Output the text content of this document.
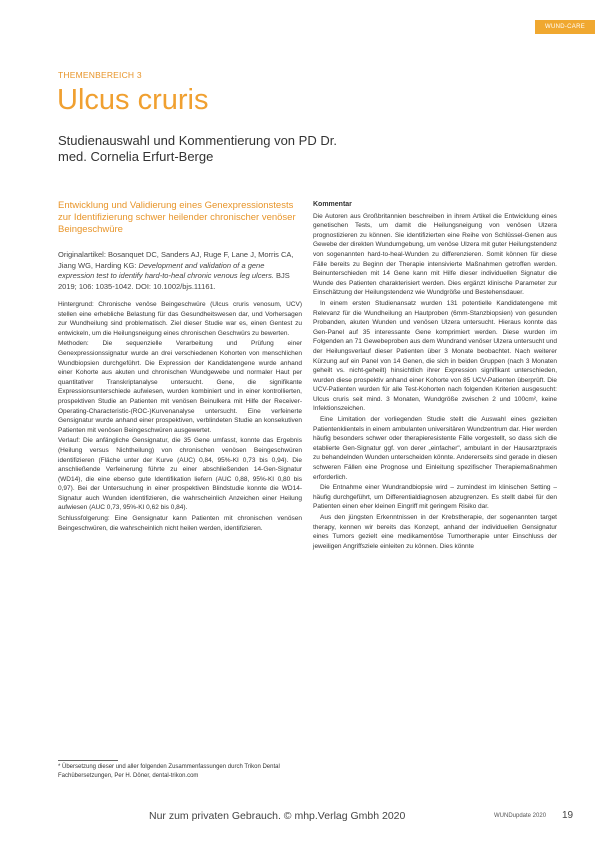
WUND-CARE
THEMENBEREICH 3
Ulcus cruris
Studienauswahl und Kommentierung von PD Dr. med. Cornelia Erfurt-Berge
Entwicklung und Validierung eines Genexpressionstests zur Identifizierung schwer heilender chronischer venöser Beingeschwüre
Originalartikel: Bosanquet DC, Sanders AJ, Ruge F, Lane J, Morris CA, Jiang WG, Harding KG: Development and validation of a gene expression test to identify hard-to-heal chronic venous leg ulcers. BJS 2019; 106: 1035-1042. DOI: 10.1002/bjs.11161.

Hintergrund: Chronische venöse Beingeschwüre (Ulcus cruris venosum, UCV) stellen eine erhebliche Belastung für das Gesundheitswesen dar, und Vorhersagen zur Wundheilung sind problematisch. Ziel dieser Studie war es, einen Gentest zu entwickeln, um die Heilungsneigung eines chronischen Geschwürs zu bewerten.

Methoden: Die sequenzielle Verarbeitung und Prüfung einer Genexpressionssignatur wurde an drei verschiedenen Kohorten von menschlichen Wundbiopsien durchgeführt. Die Expression der Kandidatengene wurde anhand einer Kohorte aus akuten und chronischen Wundgewebe und normaler Haut per quantitativer Transkriptanalyse untersucht. Gene, die signifikante Expressionsunterschiede aufwiesen, wurden kombiniert und in einer kontrollierten, prospektiven Studie an Patienten mit venösen Beinulkera mit Hilfe der Receiver-Operating-Characteristic-(ROC-)Kurvenanalyse untersucht. Eine verfeinerte Gensignatur wurde anhand einer prospektiven, verblindeten Studie an konsekutiven Patienten mit venösen Beingeschwüren ausgewertet.

Verlauf: Die anfängliche Gensignatur, die 35 Gene umfasst, konnte das Ergebnis (Heilung versus Nichtheilung) von chronischen venösen Beingeschwüren identifizieren (Fläche unter der Kurve (AUC) 0,84, 95%-KI 0,73 bis 0,94). Die anschließende Verfeinerung führte zu einer abschließenden 14-Gen-Signatur (WD14), die eine ebenso gute Identifikation liefern (AUC 0,88, 95%-KI 0,80 bis 0,97). Bei der Untersuchung in einer prospektiven Blindstudie konnte die WD14-Signatur auch Wunden identifizieren, die wahrscheinlich Anzeichen einer Heilung aufwiesen (AUC 0,73, 95%-KI 0,62 bis 0,84).

Schlussfolgerung: Eine Gensignatur kann Patienten mit chronischen venösen Beingeschwüren, die wahrscheinlich nicht heilen werden, identifizieren.

* Übersetzung dieser und aller folgenden Zusammenfassungen durch Trikon Dental Fachübersetzungen, Per H. Döner, dental-trikon.com
Kommentar

Die Autoren aus Großbritannien beschreiben in ihrem Artikel die Entwicklung eines genetischen Tests, um damit die Heilungsneigung von venösen Ulzera prognostizieren zu können. Sie identifizierten eine Reihe von Schlüssel-Genen aus Gewebe der direkten Wundumgebung, um venöse Ulzera mit guter Heilungstendenz von sogenannten hard-to-heal-Wunden zu differenzieren. Somit können für diese Fälle bereits zu Beginn der Therapie intensivierte Maßnahmen getroffen werden. Beinunterschieden mit 14 Gene kann mit Hilfe dieser individuellen Signatur die Wunde des Patienten charakterisiert werden. Dies ergänzt klinische Parameter zur Einschätzung der Heilungstendenz wie Wundgröße und Bestehensdauer.

In einem ersten Studienansatz wurden 131 potentielle Kandidatengene mit Relevanz für die Wundheilung an Hautproben (6mm-Stanzbiopsien) von gesunden Probanden, akuten Wunden und venösen Ulzera untersucht. Hieraus konnte das Gen-Panel auf 35 interessante Gene komprimiert werden. Diese wurden im Folgenden an 71 Gewebeproben aus dem Wundrand venöser Ulzera untersucht und der Heilungsverlauf dieser Patienten über 3 Monate beobachtet. Nach weiterer Kürzung auf ein Panel von 14 Genen, die sich in beiden Gruppen (nach 3 Monaten geheilt vs. nicht-geheilt) hinsichtlich ihrer Expression signifikant unterschieden, wurden diese prospektiv anhand einer Kohorte von 85 UCV-Patienten überprüft. Die UCV-Patienten wurden für alle Test-Kohorten nach folgenden Kriterien ausgesucht: Ulcus cruris seit mind. 3 Monaten, Wundgröße zwischen 2 und 100cm², keine Infektionszeichen.

Eine Limitation der vorliegenden Studie stellt die Auswahl eines gezielten Patientenklientels in einem ambulanten universitären Wundzentrum dar. Hier werden häufig besonders schwer oder therapieresistente Fälle vorgestellt, so dass sich die etablierte Gen-Signatur ggf. von derer „einfacher", ambulant in der Hausarztpraxis zu behandelnden Wunden unterscheiden könnte. Andererseits sind gerade in diesen schweren Fällen eine Prognose und Einleitung spezifischer Therapiemaßnahmen erforderlich.

Die Entnahme einer Wundrandbiopsie wird – zumindest im klinischen Setting – häufig durchgeführt, um Differentialdiagnosen abzugrenzen. Es stellt dabei für den Patienten einen eher kleinen Eingriff mit geringem Risiko dar.

Aus den jüngsten Erkenntnissen in der Krebstherapie, der sogenannten target therapy, kennen wir bereits das Konzept, anhand der individuellen Gensignatur eines Tumors gezielt eine medikamentöse Tumortherapie unter Einschluss der jeweiligen Angriffsziele einleiten zu können. Dies könnte

Nur zum privaten Gebrauch. © mhp.Verlag Gmbh 2020	WUNDupdate 2020 19
